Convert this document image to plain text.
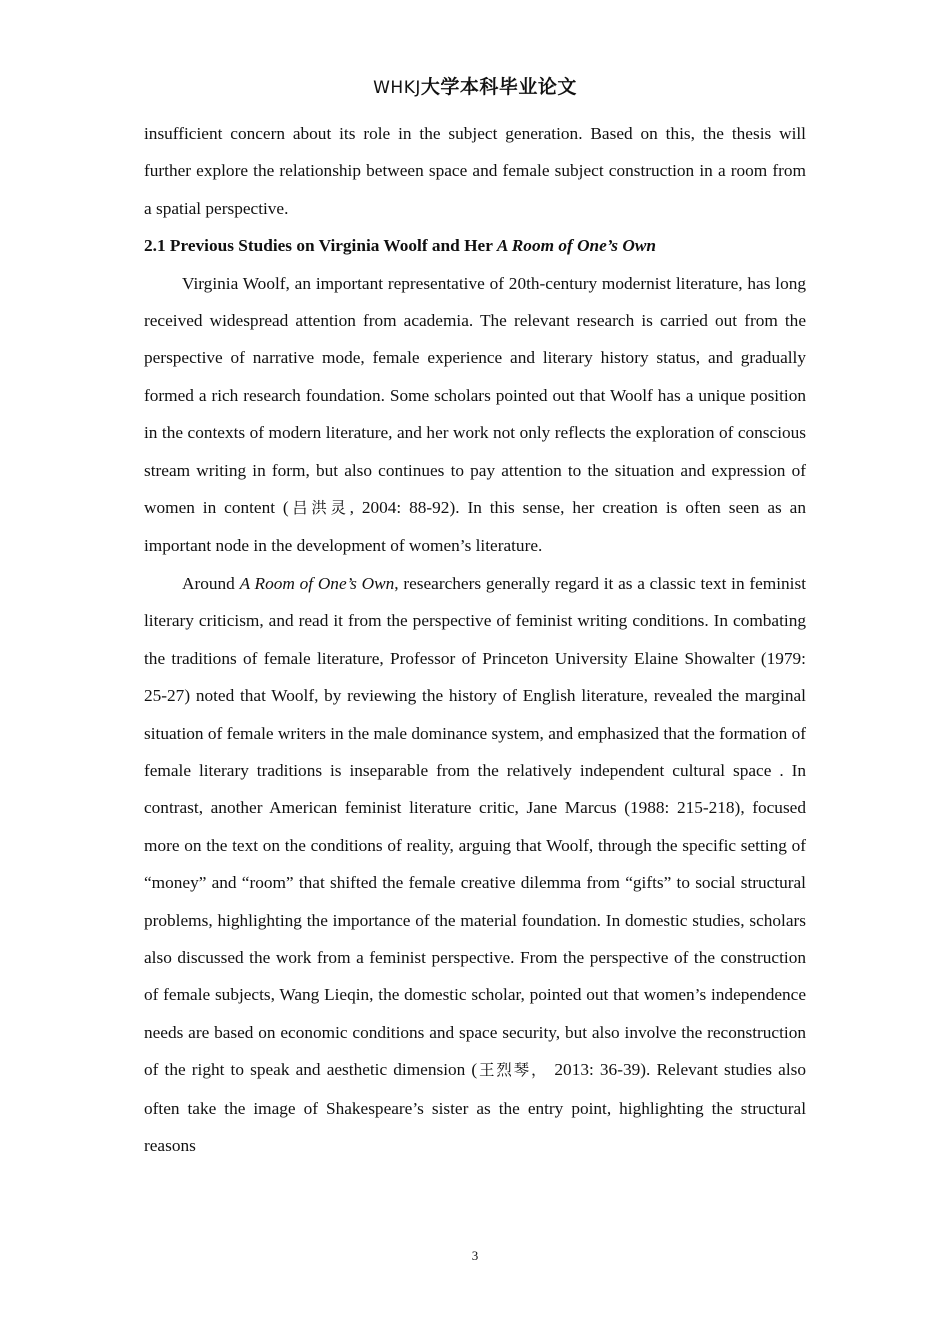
WHKJ大学本科毕业论文

insufficient concern about its role in the subject generation. Based on this, the thesis will further explore the relationship between space and female subject construction in a room from a spatial perspective.

2.1 Previous Studies on Virginia Woolf and Her A Room of One’s Own

Virginia Woolf, an important representative of 20th-century modernist literature, has long received widespread attention from academia. The relevant research is carried out from the perspective of narrative mode, female experience and literary history status, and gradually formed a rich research foundation. Some scholars pointed out that Woolf has a unique position in the contexts of modern literature, and her work not only reflects the exploration of conscious stream writing in form, but also continues to pay attention to the situation and expression of women in content (吕洪灵, 2004: 88-92). In this sense, her creation is often seen as an important node in the development of women’s literature.

Around A Room of One’s Own, researchers generally regard it as a classic text in feminist literary criticism, and read it from the perspective of feminist writing conditions. In combating the traditions of female literature, Professor of Princeton University Elaine Showalter (1979: 25-27) noted that Woolf, by reviewing the history of English literature, revealed the marginal situation of female writers in the male dominance system, and emphasized that the formation of female literary traditions is inseparable from the relatively independent cultural space . In contrast, another American feminist literature critic, Jane Marcus (1988: 215-218), focused more on the text on the conditions of reality, arguing that Woolf, through the specific setting of “money” and “room” that shifted the female creative dilemma from “gifts” to social structural problems, highlighting the importance of the material foundation. In domestic studies, scholars also discussed the work from a feminist perspective. From the perspective of the construction of female subjects, Wang Lieqin, the domestic scholar, pointed out that women’s independence needs are based on economic conditions and space security, but also involve the reconstruction of the right to speak and aesthetic dimension (王烈琴， 2013: 36-39). Relevant studies also often take the image of Shakespeare’s sister as the entry point, highlighting the structural reasons

3
